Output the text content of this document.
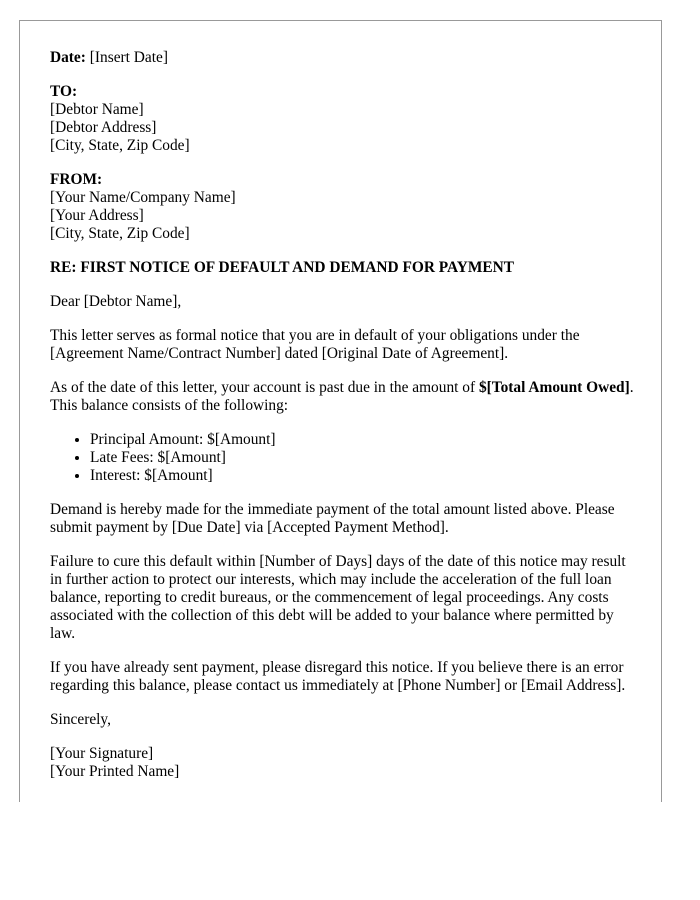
Date: [Insert Date]

TO:
[Debtor Name]
[Debtor Address]
[City, State, Zip Code]

FROM:
[Your Name/Company Name]
[Your Address]
[City, State, Zip Code]

RE: FIRST NOTICE OF DEFAULT AND DEMAND FOR PAYMENT

Dear [Debtor Name],

This letter serves as formal notice that you are in default of your obligations under the [Agreement Name/Contract Number] dated [Original Date of Agreement].

As of the date of this letter, your account is past due in the amount of $[Total Amount Owed]. This balance consists of the following:

• Principal Amount: $[Amount]
• Late Fees: $[Amount]
• Interest: $[Amount]

Demand is hereby made for the immediate payment of the total amount listed above. Please submit payment by [Due Date] via [Accepted Payment Method].

Failure to cure this default within [Number of Days] days of the date of this notice may result in further action to protect our interests, which may include the acceleration of the full loan balance, reporting to credit bureaus, or the commencement of legal proceedings. Any costs associated with the collection of this debt will be added to your balance where permitted by law.

If you have already sent payment, please disregard this notice. If you believe there is an error regarding this balance, please contact us immediately at [Phone Number] or [Email Address].

Sincerely,

[Your Signature]
[Your Printed Name]
